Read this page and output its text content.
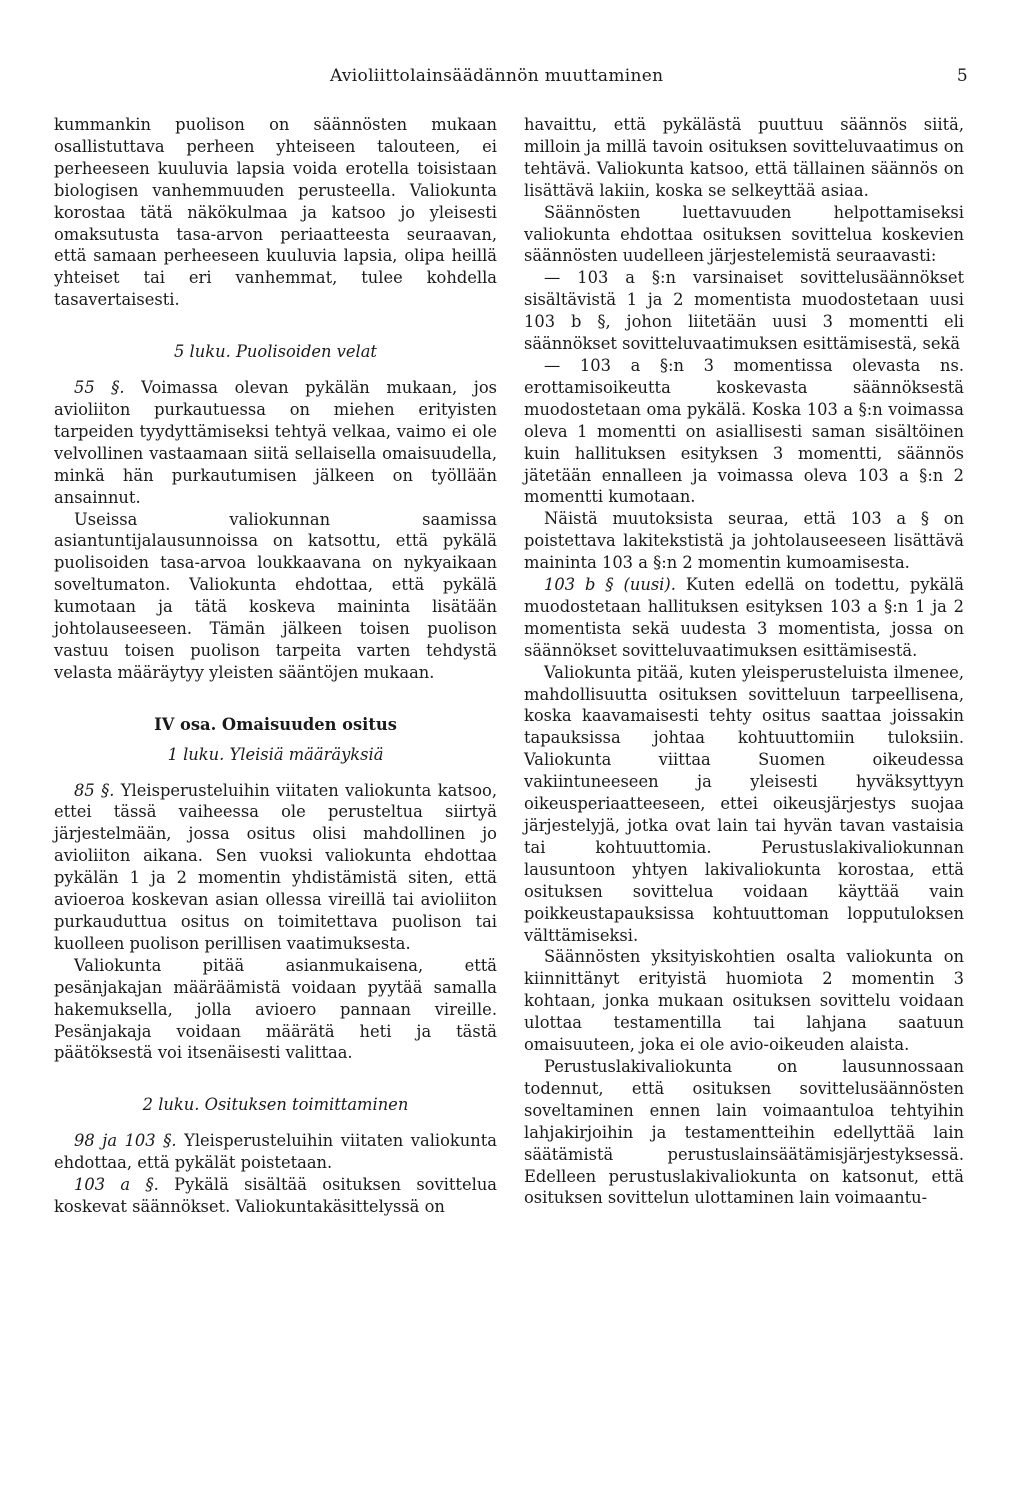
Avioliittolainsäädännön muuttaminen	5

kummankin puolison on säännösten mukaan osallistuttava perheen yhteiseen talouteen, ei perheeseen kuuluvia lapsia voida erotella toisistaan biologisen vanhemmuuden perusteella. Valiokunta korostaa tätä näkökulmaa ja katsoo jo yleisesti omaksutusta tasa-arvon periaatteesta seuraavan, että samaan perheeseen kuuluvia lapsia, olipa heillä yhteiset tai eri vanhemmat, tulee kohdella tasavertaisesti.

5 luku. Puolisoiden velat

55 §. Voimassa olevan pykälän mukaan, jos avioliiton purkautuessa on miehen erityisten tarpeiden tyydyttämiseksi tehtyä velkaa, vaimo ei ole velvollinen vastaamaan siitä sellaisella omaisuudella, minkä hän purkautumisen jälkeen on työllään ansainnut.

Useissa valiokunnan saamissa asiantuntijalausunnoissa on katsottu, että pykälä puolisoiden tasa-arvoa loukkaavana on nykyaikaan soveltumaton. Valiokunta ehdottaa, että pykälä kumotaan ja tätä koskeva maininta lisätään johtolauseeseen. Tämän jälkeen toisen puolison vastuu toisen puolison tarpeita varten tehdystä velasta määräytyy yleisten sääntöjen mukaan.

IV osa. Omaisuuden ositus

1 luku. Yleisiä määräyksiä

85 §. Yleisperusteluihin viitaten valiokunta katsoo, ettei tässä vaiheessa ole perusteltua siirtyä järjestelmään, jossa ositus olisi mahdollinen jo avioliiton aikana. Sen vuoksi valiokunta ehdottaa pykälän 1 ja 2 momentin yhdistämistä siten, että avioeroa koskevan asian ollessa vireillä tai avioliiton purkauduttua ositus on toimitettava puolison tai kuolleen puolison perillisen vaatimuksesta.

Valiokunta pitää asianmukaisena, että pesänjakajan määräämistä voidaan pyytää samalla hakemuksella, jolla avioero pannaan vireille. Pesänjakaja voidaan määrätä heti ja tästä päätöksestä voi itsenäisesti valittaa.

2 luku. Osituksen toimittaminen

98 ja 103 §. Yleisperusteluihin viitaten valiokunta ehdottaa, että pykälät poistetaan.

103 a §. Pykälä sisältää osituksen sovittelua koskevat säännökset. Valiokuntakäsittelyssä on

havaittu, että pykälästä puuttuu säännös siitä, milloin ja millä tavoin osituksen sovitteluvaatimus on tehtävä. Valiokunta katsoo, että tällainen säännös on lisättävä lakiin, koska se selkeyttää asiaa.

Säännösten luettavuuden helpottamiseksi valiokunta ehdottaa osituksen sovittelua koskevien säännösten uudelleen järjestelemistä seuraavasti:

— 103 a §:n varsinaiset sovittelusäännökset sisältävistä 1 ja 2 momentista muodostetaan uusi 103 b §, johon liitetään uusi 3 momentti eli säännökset sovitteluvaatimuksen esittämisestä, sekä

— 103 a §:n 3 momentissa olevasta ns. erottamisoikeutta koskevasta säännöksestä muodostetaan oma pykälä. Koska 103 a §:n voimassa oleva 1 momentti on asiallisesti saman sisältöinen kuin hallituksen esityksen 3 momentti, säännös jätetään ennalleen ja voimassa oleva 103 a §:n 2 momentti kumotaan.

Näistä muutoksista seuraa, että 103 a § on poistettava lakitekstistä ja johtolauseeseen lisättävä maininta 103 a §:n 2 momentin kumoamisesta.

103 b § (uusi). Kuten edellä on todettu, pykälä muodostetaan hallituksen esityksen 103 a §:n 1 ja 2 momentista sekä uudesta 3 momentista, jossa on säännökset sovitteluvaatimuksen esittämisestä.

Valiokunta pitää, kuten yleisperusteluista ilmenee, mahdollisuutta osituksen sovitteluun tarpeellisena, koska kaavamaisesti tehty ositus saattaa joissakin tapauksissa johtaa kohtuuttomiin tuloksiin. Valiokunta viittaa Suomen oikeudessa vakiintuneeseen ja yleisesti hyväksyttyyn oikeusperiaatteeseen, ettei oikeusjärjestys suojaa järjestelyjä, jotka ovat lain tai hyvän tavan vastaisia tai kohtuuttomia. Perustuslakivaliokunnan lausuntoon yhtyen lakivaliokunta korostaa, että osituksen sovittelua voidaan käyttää vain poikkeustapauksissa kohtuuttoman lopputuloksen välttämiseksi.

Säännösten yksityiskohtien osalta valiokunta on kiinnittänyt erityistä huomiota 2 momentin 3 kohtaan, jonka mukaan osituksen sovittelu voidaan ulottaa testamentilla tai lahjana saatuun omaisuuteen, joka ei ole avio-oikeuden alaista.

Perustuslakivaliokunta on lausunnossaan todennut, että osituksen sovittelusäännösten soveltaminen ennen lain voimaantuloa tehtyihin lahjakirjoihin ja testamentteihin edellyttää lain säätämistä perustuslainsäätämisjärjestyksessä. Edelleen perustuslakivaliokunta on katsonut, että osituksen sovittelun ulottaminen lain voimaantu-
